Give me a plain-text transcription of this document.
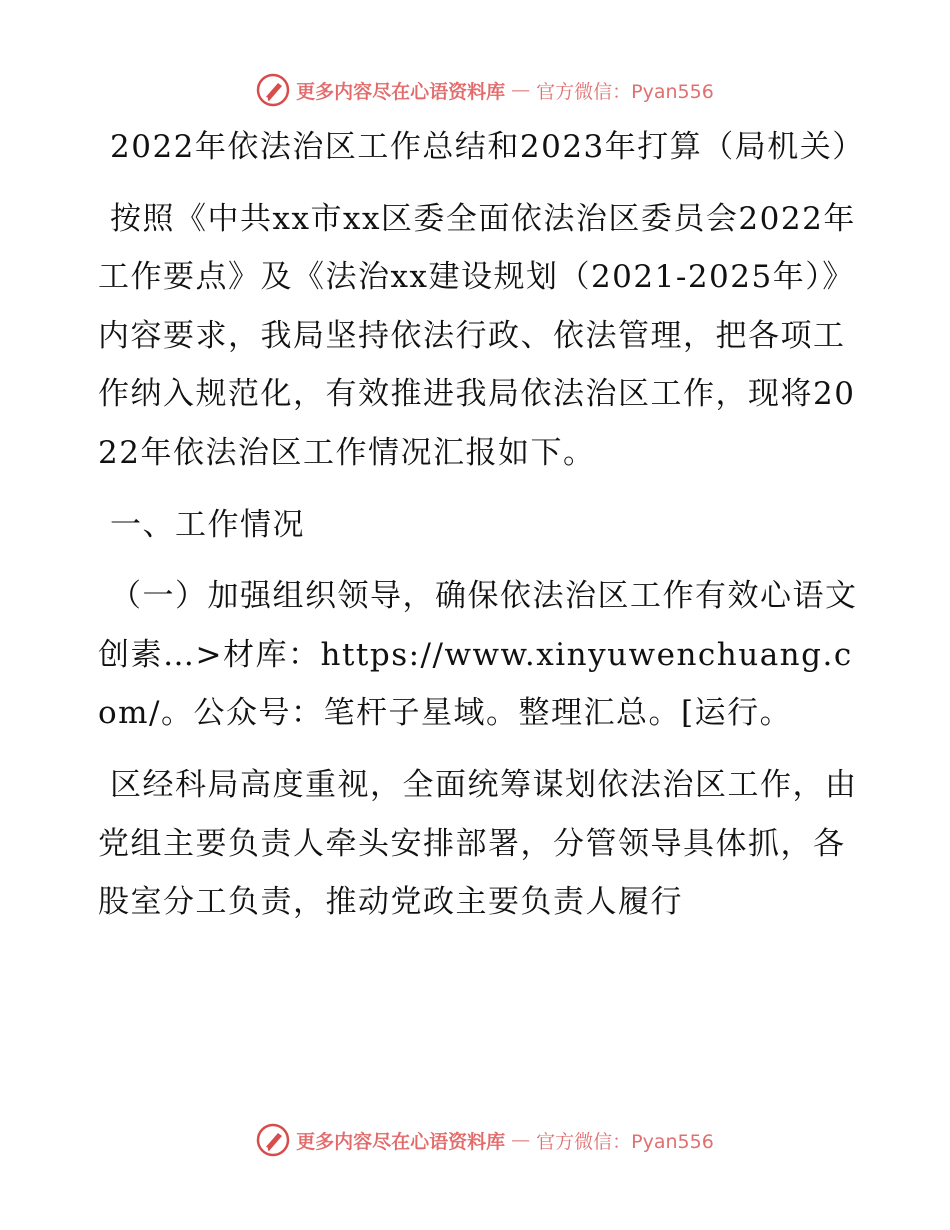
更多内容尽在心语资料库 — 官方微信：Pyan556

2022年依法治区工作总结和2023年打算（局机关）

按照《中共xx市xx区委全面依法治区委员会2022年工作要点》及《法治xx建设规划（2021-2025年）》内容要求，我局坚持依法行政、依法管理，把各项工作纳入规范化，有效推进我局依法治区工作，现将2022年依法治区工作情况汇报如下。

一、工作情况

（一）加强组织领导，确保依法治区工作有效心语文创素…>材库：https://www.xinyuwenchuang.com/。公众号：笔杆子星域。整理汇总。[运行。

区经科局高度重视，全面统筹谋划依法治区工作，由党组主要负责人牵头安排部署，分管领导具体抓，各股室分工负责，推动党政主要负责人履行

更多内容尽在心语资料库 — 官方微信：Pyan556
